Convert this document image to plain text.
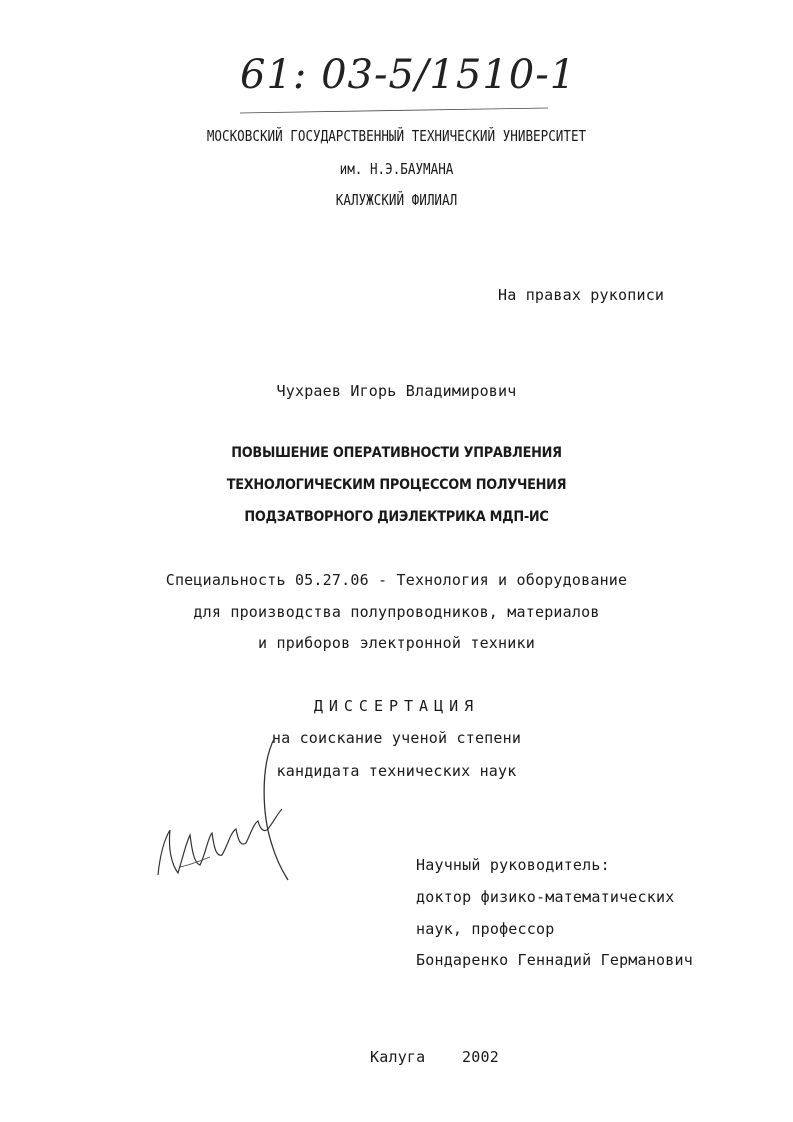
61: 03-5/1510-1
МОСКОВСКИЙ ГОСУДАРСТВЕННЫЙ ТЕХНИЧЕСКИЙ УНИВЕРСИТЕТ
им. Н.Э.БАУМАНА
КАЛУЖСКИЙ ФИЛИАЛ
На правах рукописи
Чухраев Игорь Владимирович
ПОВЫШЕНИЕ ОПЕРАТИВНОСТИ УПРАВЛЕНИЯ
ТЕХНОЛОГИЧЕСКИМ ПРОЦЕССОМ ПОЛУЧЕНИЯ
ПОДЗАТВОРНОГО ДИЭЛЕКТРИКА МДП-ИС
Специальность 05.27.06 - Технология и оборудование
для производства полупроводников, материалов
и приборов электронной техники
ДИССЕРТАЦИЯ
на соискание ученой степени
кандидата технических наук
Научный руководитель:
доктор физико-математических
наук, профессор
Бондаренко Геннадий Германович
Калуга 2002
